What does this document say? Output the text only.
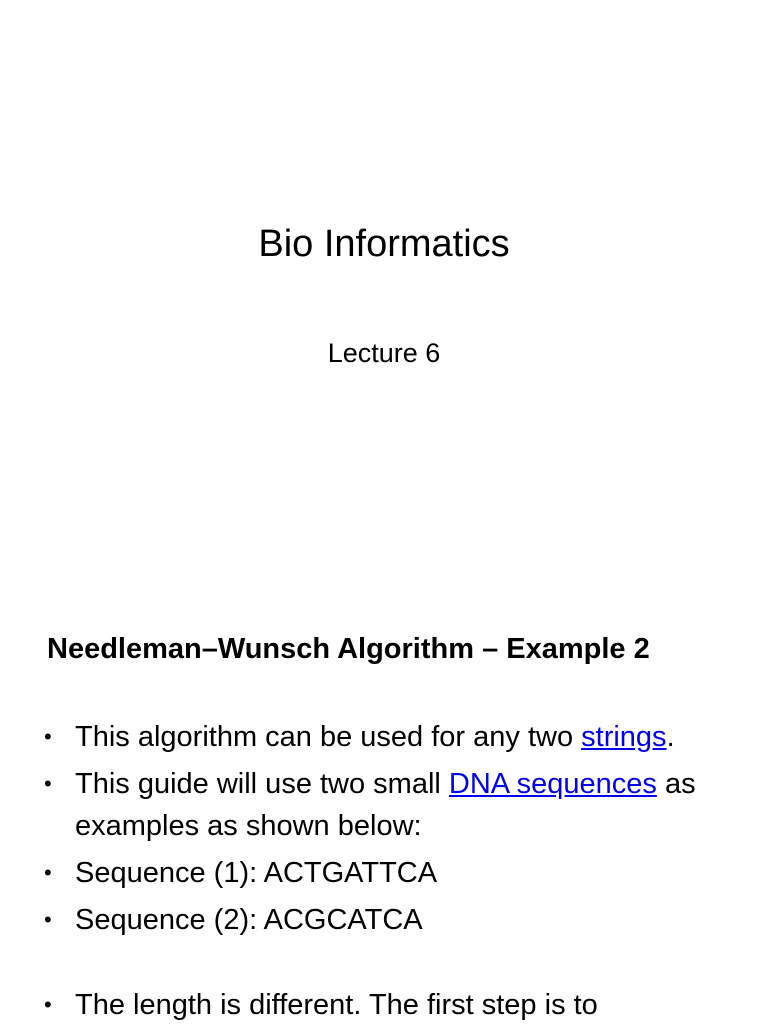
Bio Informatics

Lecture 6

Needleman–Wunsch Algorithm – Example 2
• This algorithm can be used for any two strings.
• This guide will use two small DNA sequences as examples as shown below:
• Sequence (1): ACTGATTCA
• Sequence (2): ACGCATCA
• The length is different. The first step is to
